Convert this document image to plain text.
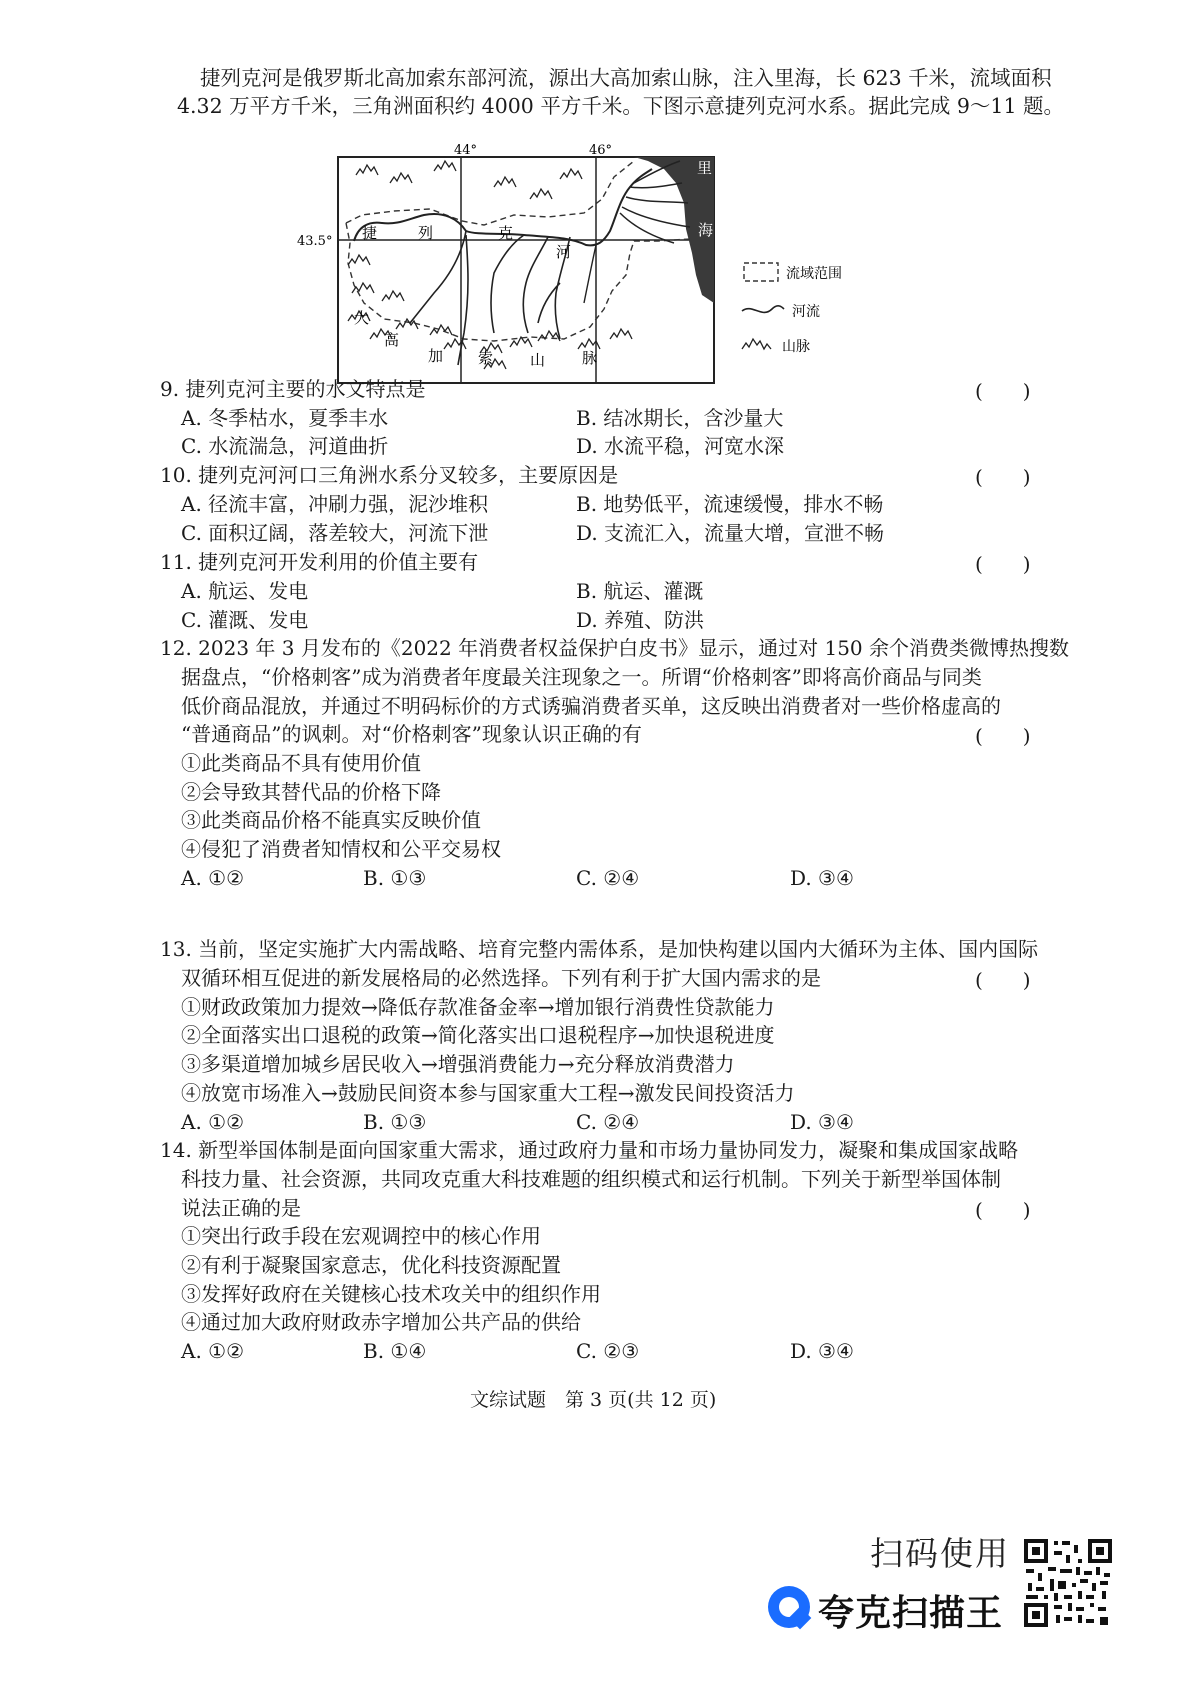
捷列克河是俄罗斯北高加索东部河流，源出大高加索山脉，注入里海，长 623 千米，流域面积
4.32 万平方千米，三角洲面积约 4000 平方千米。下图示意捷列克河水系。据此完成 9～11 题。
44°	46°
43.5°
里
海
捷	列	克
河
大
高
加 索 山 脉
流域范围
河流
山脉
9. 捷列克河主要的水文特点是	(　　)
A. 冬季枯水，夏季丰水	B. 结冰期长，含沙量大
C. 水流湍急，河道曲折	D. 水流平稳，河宽水深
10. 捷列克河河口三角洲水系分叉较多，主要原因是	(　　)
A. 径流丰富，冲刷力强，泥沙堆积	B. 地势低平，流速缓慢，排水不畅
C. 面积辽阔，落差较大，河流下泄	D. 支流汇入，流量大增，宣泄不畅
11. 捷列克河开发利用的价值主要有	(　　)
A. 航运、发电	B. 航运、灌溉
C. 灌溉、发电	D. 养殖、防洪
12. 2023 年 3 月发布的《2022 年消费者权益保护白皮书》显示，通过对 150 余个消费类微博热搜数
据盘点，“价格刺客”成为消费者年度最关注现象之一。所谓“价格刺客”即将高价商品与同类
低价商品混放，并通过不明码标价的方式诱骗消费者买单，这反映出消费者对一些价格虚高的
“普通商品”的讽刺。对“价格刺客”现象认识正确的有	(　　)
①此类商品不具有使用价值
②会导致其替代品的价格下降
③此类商品价格不能真实反映价值
④侵犯了消费者知情权和公平交易权
A. ①②	B. ①③	C. ②④	D. ③④
13. 当前，坚定实施扩大内需战略、培育完整内需体系，是加快构建以国内大循环为主体、国内国际
双循环相互促进的新发展格局的必然选择。下列有利于扩大国内需求的是	(　　)
①财政政策加力提效→降低存款准备金率→增加银行消费性贷款能力
②全面落实出口退税的政策→简化落实出口退税程序→加快退税进度
③多渠道增加城乡居民收入→增强消费能力→充分释放消费潜力
④放宽市场准入→鼓励民间资本参与国家重大工程→激发民间投资活力
A. ①②	B. ①③	C. ②④	D. ③④
14. 新型举国体制是面向国家重大需求，通过政府力量和市场力量协同发力，凝聚和集成国家战略
科技力量、社会资源，共同攻克重大科技难题的组织模式和运行机制。下列关于新型举国体制
说法正确的是	(　　)
①突出行政手段在宏观调控中的核心作用
②有利于凝聚国家意志，优化科技资源配置
③发挥好政府在关键核心技术攻关中的组织作用
④通过加大政府财政赤字增加公共产品的供给
A. ①②	B. ①④	C. ②③	D. ③④
文综试题　第 3 页(共 12 页)
扫码使用
夸克扫描王
